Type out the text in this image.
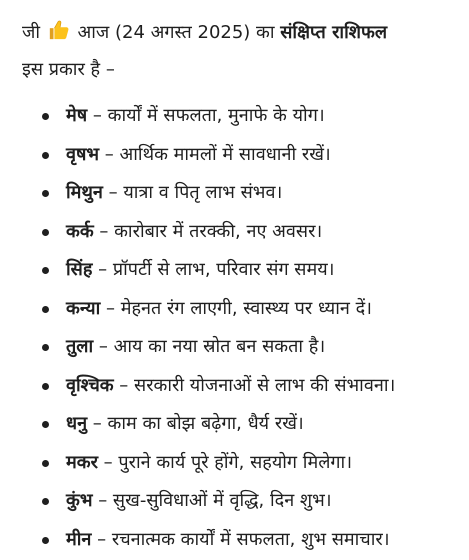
जी आज (24 अगस्त 2025) का संक्षिप्त राशिफल
इस प्रकार है –

मेष – कार्यों में सफलता, मुनाफे के योग।
वृषभ – आर्थिक मामलों में सावधानी रखें।
मिथुन – यात्रा व पितृ लाभ संभव।
कर्क – कारोबार में तरक्की, नए अवसर।
सिंह – प्रॉपर्टी से लाभ, परिवार संग समय।
कन्या – मेहनत रंग लाएगी, स्वास्थ्य पर ध्यान दें।
तुला – आय का नया स्रोत बन सकता है।
वृश्चिक – सरकारी योजनाओं से लाभ की संभावना।
धनु – काम का बोझ बढ़ेगा, धैर्य रखें।
मकर – पुराने कार्य पूरे होंगे, सहयोग मिलेगा।
कुंभ – सुख-सुविधाओं में वृद्धि, दिन शुभ।
मीन – रचनात्मक कार्यों में सफलता, शुभ समाचार।
